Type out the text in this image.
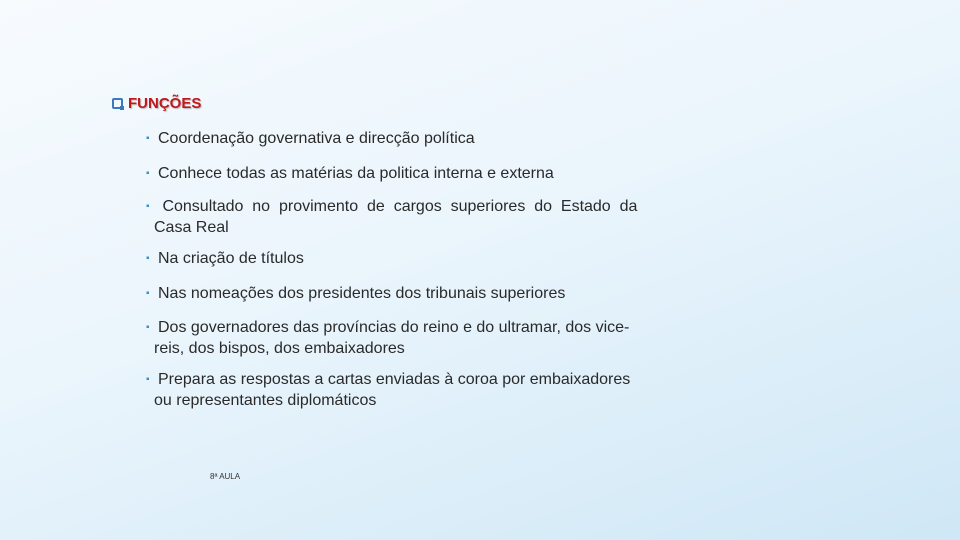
FUNÇÕES
▪ Coordenação governativa e direcção política
▪ Conhece todas as matérias da politica interna e externa
▪ Consultado  no  provimento  de  cargos  superiores  do  Estado  da
Casa Real
▪ Na criação de títulos
▪ Nas nomeações dos presidentes dos tribunais superiores
▪ Dos governadores das províncias do reino e do ultramar, dos vice-
reis, dos bispos, dos embaixadores
▪ Prepara as respostas a cartas enviadas à coroa por embaixadores
ou representantes diplomáticos
8ª AULA
